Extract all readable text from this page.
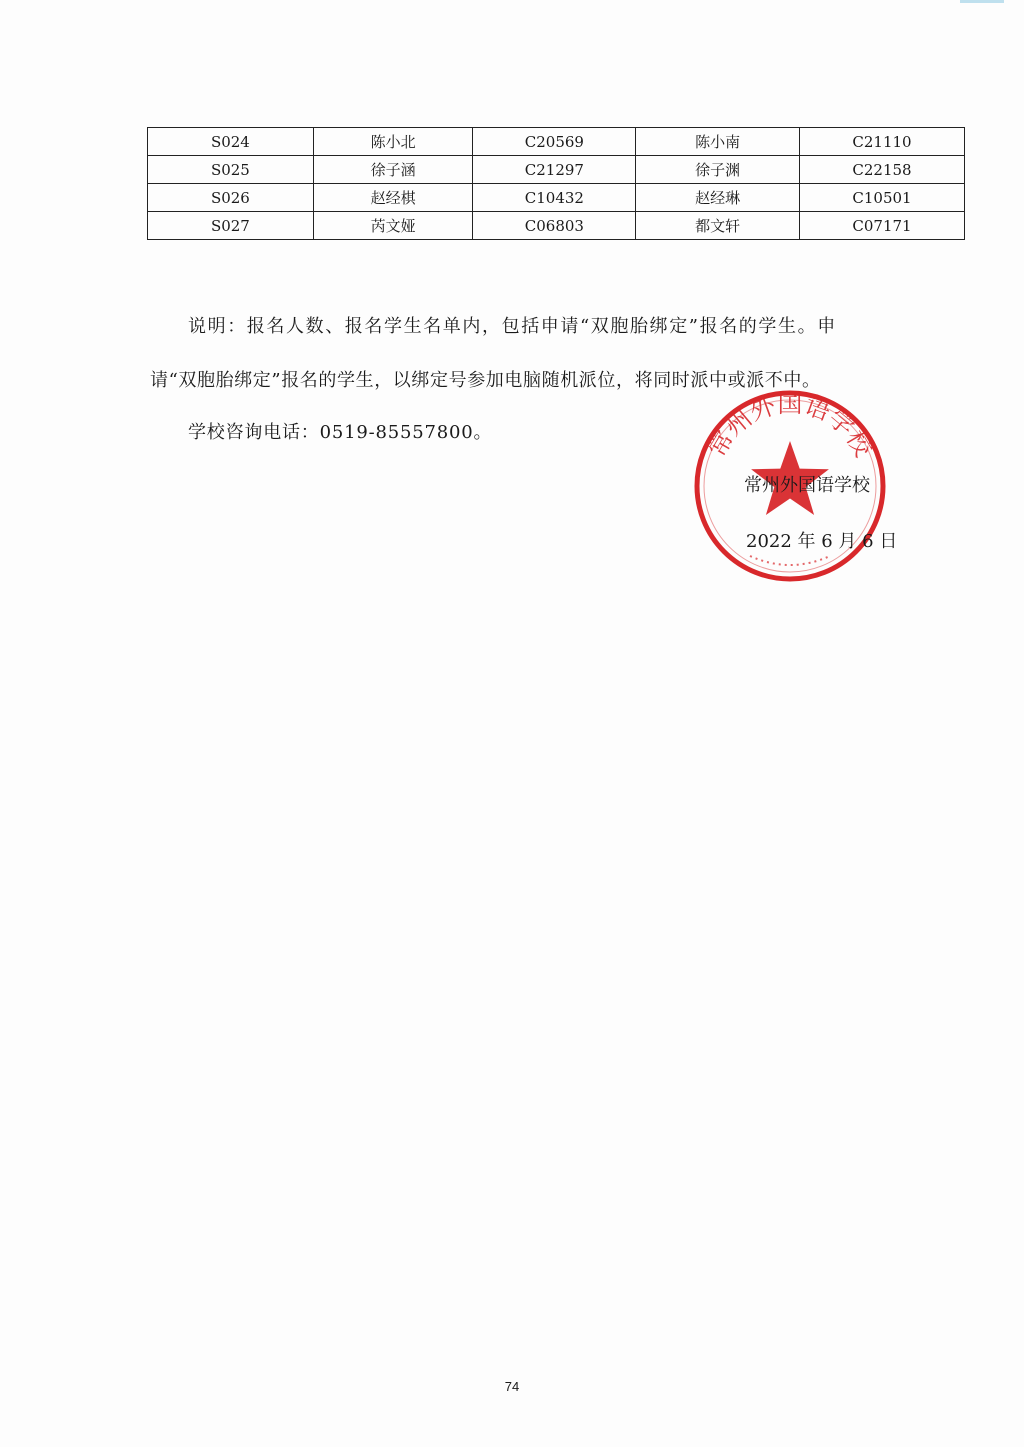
S024	陈小北	C20569	陈小南	C21110
S025	徐子涵	C21297	徐子渊	C22158
S026	赵经棋	C10432	赵经琳	C10501
S027	芮文娅	C06803	都文轩	C07171

说明：报名人数、报名学生名单内，包括申请“双胞胎绑定”报名的学生。申
请“双胞胎绑定”报名的学生，以绑定号参加电脑随机派位，将同时派中或派不中。

学校咨询电话：0519-85557800。	常州外国语学校
常州外国语学校
2022 年 6 月 6 日
74
